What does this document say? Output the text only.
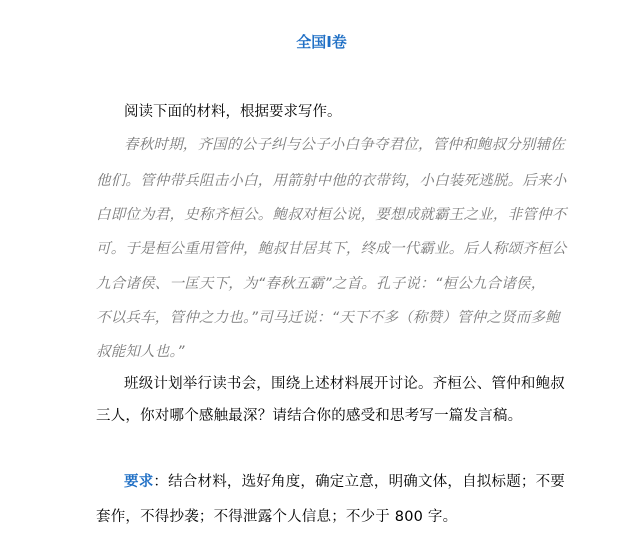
全国Ⅰ卷
阅读下面的材料，根据要求写作。
春秋时期，齐国的公子纠与公子小白争夺君位，管仲和鲍叔分别辅佐
他们。管仲带兵阻击小白，用箭射中他的衣带钩，小白装死逃脱。后来小
白即位为君，史称齐桓公。鲍叔对桓公说，要想成就霸王之业，非管仲不
可。于是桓公重用管仲，鲍叔甘居其下，终成一代霸业。后人称颂齐桓公
九合诸侯、一匡天下，为“春秋五霸”之首。孔子说：“桓公九合诸侯，
不以兵车，管仲之力也。”司马迁说：“天下不多（称赞）管仲之贤而多鲍
叔能知人也。”
班级计划举行读书会，围绕上述材料展开讨论。齐桓公、管仲和鲍叔
三人，你对哪个感触最深？请结合你的感受和思考写一篇发言稿。
要求：结合材料，选好角度，确定立意，明确文体，自拟标题；不要
套作，不得抄袭；不得泄露个人信息；不少于 800 字。
